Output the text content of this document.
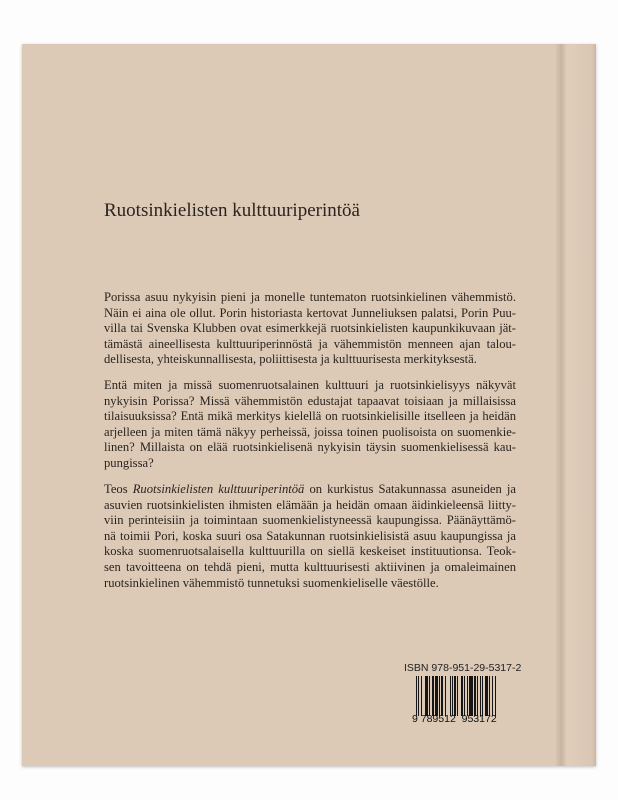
Ruotsinkielisten kulttuuriperintöä
Porissa asuu nykyisin pieni ja monelle tuntematon ruotsinkielinen vähemmistö.
Näin ei aina ole ollut. Porin historiasta kertovat Junneliuksen palatsi, Porin Puu-
villa tai Svenska Klubben ovat esimerkkejä ruotsinkielisten kaupunkikuvaan jät-
tämästä aineellisesta kulttuuriperinnöstä ja vähemmistön menneen ajan talou-
dellisesta, yhteiskunnallisesta, poliittisesta ja kulttuurisesta merkityksestä.
Entä miten ja missä suomenruotsalainen kulttuuri ja ruotsinkielisyys näkyvät
nykyisin Porissa? Missä vähemmistön edustajat tapaavat toisiaan ja millaisissa
tilaisuuksissa? Entä mikä merkitys kielellä on ruotsinkielisille itselleen ja heidän
arjelleen ja miten tämä näkyy perheissä, joissa toinen puolisoista on suomenkie-
linen? Millaista on elää ruotsinkielisenä nykyisin täysin suomenkielisessä kau-
pungissa?
Teos Ruotsinkielisten kulttuuriperintöä on kurkistus Satakunnassa asuneiden ja
asuvien ruotsinkielisten ihmisten elämään ja heidän omaan äidinkieleensä liitty-
viin perinteisiin ja toimintaan suomenkielistyneessä kaupungissa. Päänäyttämö-
nä toimii Pori, koska suuri osa Satakunnan ruotsinkielisistä asuu kaupungissa ja
koska suomenruotsalaisella kulttuurilla on siellä keskeiset instituutionsa. Teok-
sen tavoitteena on tehdä pieni, mutta kulttuurisesti aktiivinen ja omaleimainen
ruotsinkielinen vähemmistö tunnetuksi suomenkieliselle väestölle.
ISBN 978-951-29-5317-2
9 789512  953172
